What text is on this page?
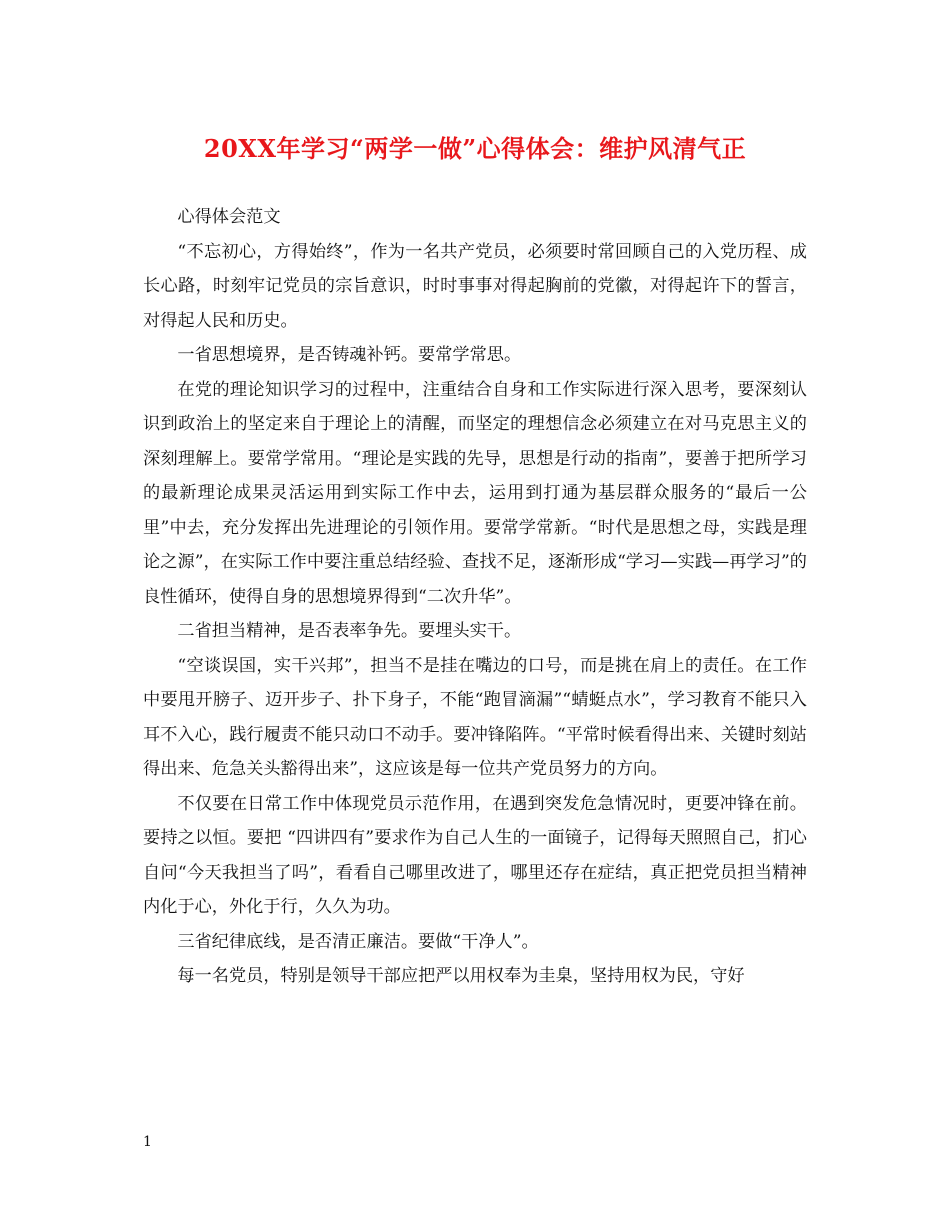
20XX年学习“两学一做”心得体会：维护风清气正

心得体会范文

“不忘初心，方得始终”，作为一名共产党员，必须要时常回顾自己的入党历程、成长心路，时刻牢记党员的宗旨意识，时时事事对得起胸前的党徽，对得起许下的誓言，对得起人民和历史。

一省思想境界，是否铸魂补钙。要常学常思。

在党的理论知识学习的过程中，注重结合自身和工作实际进行深入思考，要深刻认识到政治上的坚定来自于理论上的清醒，而坚定的理想信念必须建立在对马克思主义的深刻理解上。要常学常用。“理论是实践的先导，思想是行动的指南”，要善于把所学习的最新理论成果灵活运用到实际工作中去，运用到打通为基层群众服务的“最后一公里”中去，充分发挥出先进理论的引领作用。要常学常新。“时代是思想之母，实践是理论之源”，在实际工作中要注重总结经验、查找不足，逐渐形成“学习—实践—再学习”的良性循环，使得自身的思想境界得到“二次升华”。

二省担当精神，是否表率争先。要埋头实干。

“空谈误国，实干兴邦”，担当不是挂在嘴边的口号，而是挑在肩上的责任。在工作中要甩开膀子、迈开步子、扑下身子，不能“跑冒滴漏”“蜻蜓点水”，学习教育不能只入耳不入心，践行履责不能只动口不动手。要冲锋陷阵。“平常时候看得出来、关键时刻站得出来、危急关头豁得出来”，这应该是每一位共产党员努力的方向。

不仅要在日常工作中体现党员示范作用，在遇到突发危急情况时，更要冲锋在前。要持之以恒。要把 “四讲四有”要求作为自己人生的一面镜子，记得每天照照自己，扪心自问“今天我担当了吗”，看看自己哪里改进了，哪里还存在症结，真正把党员担当精神内化于心，外化于行，久久为功。

三省纪律底线，是否清正廉洁。要做“干净人”。

每一名党员，特别是领导干部应把严以用权奉为圭臬，坚持用权为民，守好

1
